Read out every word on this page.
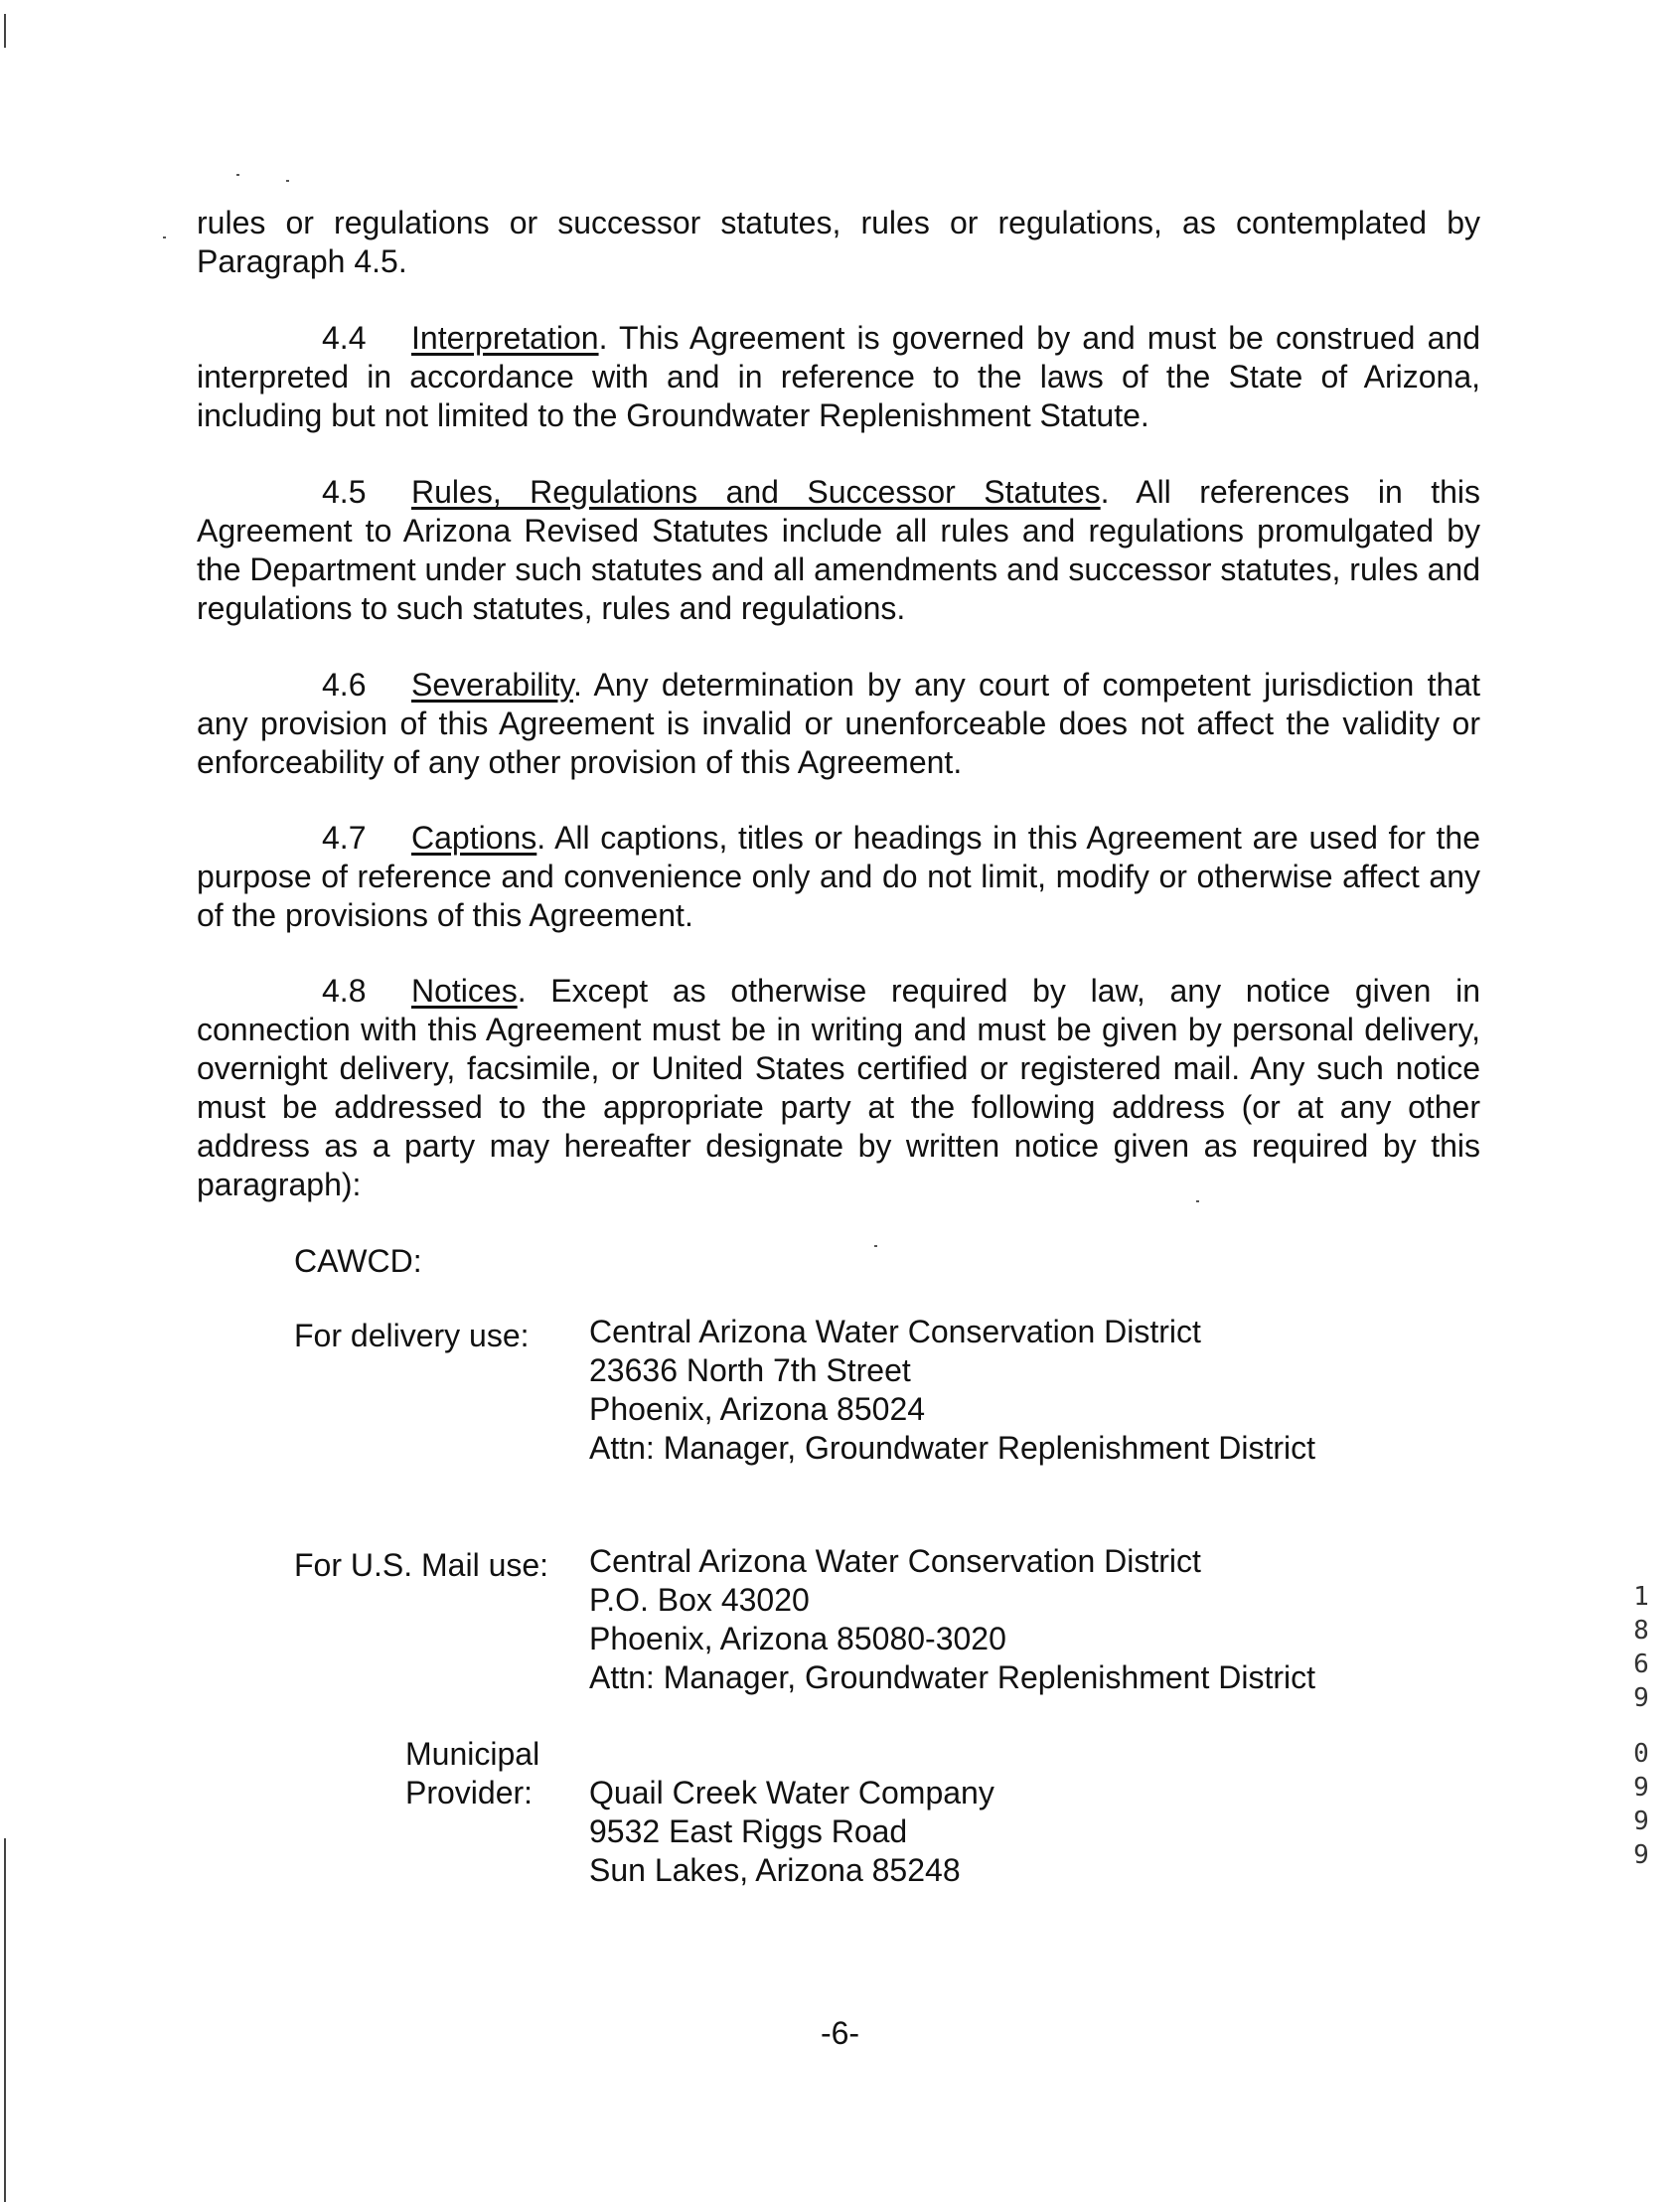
rules or regulations or successor statutes, rules or regulations, as contemplated by Paragraph 4.5.
4.4 Interpretation. This Agreement is governed by and must be construed and interpreted in accordance with and in reference to the laws of the State of Arizona, including but not limited to the Groundwater Replenishment Statute.
4.5 Rules, Regulations and Successor Statutes. All references in this Agreement to Arizona Revised Statutes include all rules and regulations promulgated by the Department under such statutes and all amendments and successor statutes, rules and regulations to such statutes, rules and regulations.
4.6 Severability. Any determination by any court of competent jurisdiction that any provision of this Agreement is invalid or unenforceable does not affect the validity or enforceability of any other provision of this Agreement.
4.7 Captions. All captions, titles or headings in this Agreement are used for the purpose of reference and convenience only and do not limit, modify or otherwise affect any of the provisions of this Agreement.
4.8 Notices. Except as otherwise required by law, any notice given in connection with this Agreement must be in writing and must be given by personal delivery, overnight delivery, facsimile, or United States certified or registered mail. Any such notice must be addressed to the appropriate party at the following address (or at any other address as a party may hereafter designate by written notice given as required by this paragraph):
CAWCD:
For delivery use: Central Arizona Water Conservation District
23636 North 7th Street
Phoenix, Arizona 85024
Attn: Manager, Groundwater Replenishment District
For U.S. Mail use: Central Arizona Water Conservation District
P.O. Box 43020
Phoenix, Arizona 85080-3020
Attn: Manager, Groundwater Replenishment District
Municipal
Provider: Quail Creek Water Company
9532 East Riggs Road
Sun Lakes, Arizona 85248
-6-
1
8
6
9
0
9
9
9
